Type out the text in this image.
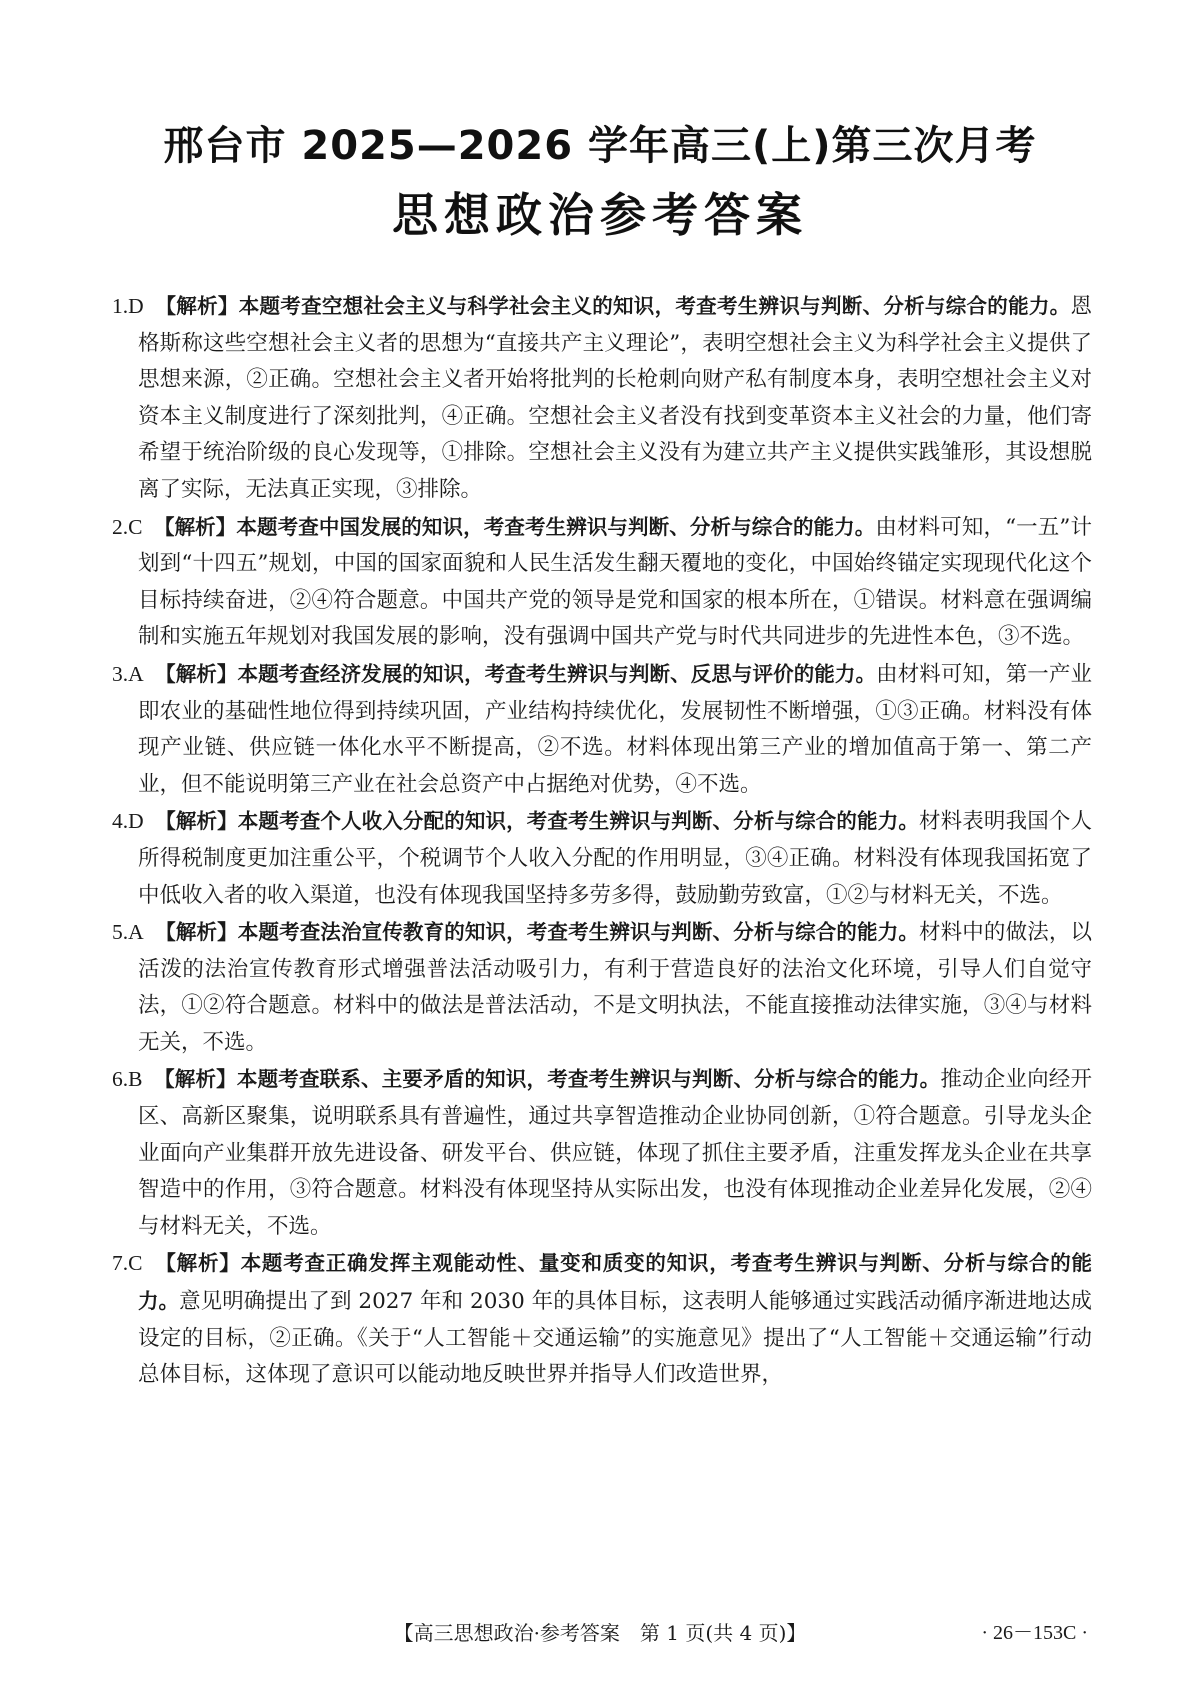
邢台市 2025—2026 学年高三(上)第三次月考
思想政治参考答案

1.D　 【解析】本题考查空想社会主义与科学社会主义的知识，考查考生辨识与判断、分析与综合的能力。恩格斯称这些空想社会主义者的思想为“直接共产主义理论”，表明空想社会主义为科学社会主义提供了思想来源，②正确。空想社会主义者开始将批判的长枪刺向财产私有制度本身，表明空想社会主义对资本主义制度进行了深刻批判，④正确。空想社会主义者没有找到变革资本主义社会的力量，他们寄希望于统治阶级的良心发现等，①排除。空想社会主义没有为建立共产主义提供实践雏形，其设想脱离了实际，无法真正实现，③排除。

2.C　 【解析】本题考查中国发展的知识，考查考生辨识与判断、分析与综合的能力。由材料可知，“一五”计划到“十四五”规划，中国的国家面貌和人民生活发生翻天覆地的变化，中国始终锚定实现现代化这个目标持续奋进，②④符合题意。中国共产党的领导是党和国家的根本所在，①错误。材料意在强调编制和实施五年规划对我国发展的影响，没有强调中国共产党与时代共同进步的先进性本色，③不选。

3.A　 【解析】本题考查经济发展的知识，考查考生辨识与判断、反思与评价的能力。由材料可知，第一产业即农业的基础性地位得到持续巩固，产业结构持续优化，发展韧性不断增强，①③正确。材料没有体现产业链、供应链一体化水平不断提高，②不选。材料体现出第三产业的增加值高于第一、第二产业，但不能说明第三产业在社会总资产中占据绝对优势，④不选。

4.D　 【解析】本题考查个人收入分配的知识，考查考生辨识与判断、分析与综合的能力。材料表明我国个人所得税制度更加注重公平，个税调节个人收入分配的作用明显，③④正确。材料没有体现我国拓宽了中低收入者的收入渠道，也没有体现我国坚持多劳多得，鼓励勤劳致富，①②与材料无关，不选。

5.A　 【解析】本题考查法治宣传教育的知识，考查考生辨识与判断、分析与综合的能力。材料中的做法，以活泼的法治宣传教育形式增强普法活动吸引力，有利于营造良好的法治文化环境，引导人们自觉守法，①②符合题意。材料中的做法是普法活动，不是文明执法，不能直接推动法律实施，③④与材料无关，不选。

6.B　 【解析】本题考查联系、主要矛盾的知识，考查考生辨识与判断、分析与综合的能力。推动企业向经开区、高新区聚集，说明联系具有普遍性，通过共享智造推动企业协同创新，①符合题意。引导龙头企业面向产业集群开放先进设备、研发平台、供应链，体现了抓住主要矛盾，注重发挥龙头企业在共享智造中的作用，③符合题意。材料没有体现坚持从实际出发，也没有体现推动企业差异化发展，②④与材料无关，不选。

7.C　 【解析】本题考查正确发挥主观能动性、量变和质变的知识，考查考生辨识与判断、分析与综合的能力。意见明确提出了到 2027 年和 2030 年的具体目标，这表明人能够通过实践活动循序渐进地达成设定的目标，②正确。《关于“人工智能＋交通运输”的实施意见》提出了“人工智能＋交通运输”行动总体目标，这体现了意识可以能动地反映世界并指导人们改造世界，

【高三思想政治·参考答案　第 1 页(共 4 页)】	· 26－153C ·
